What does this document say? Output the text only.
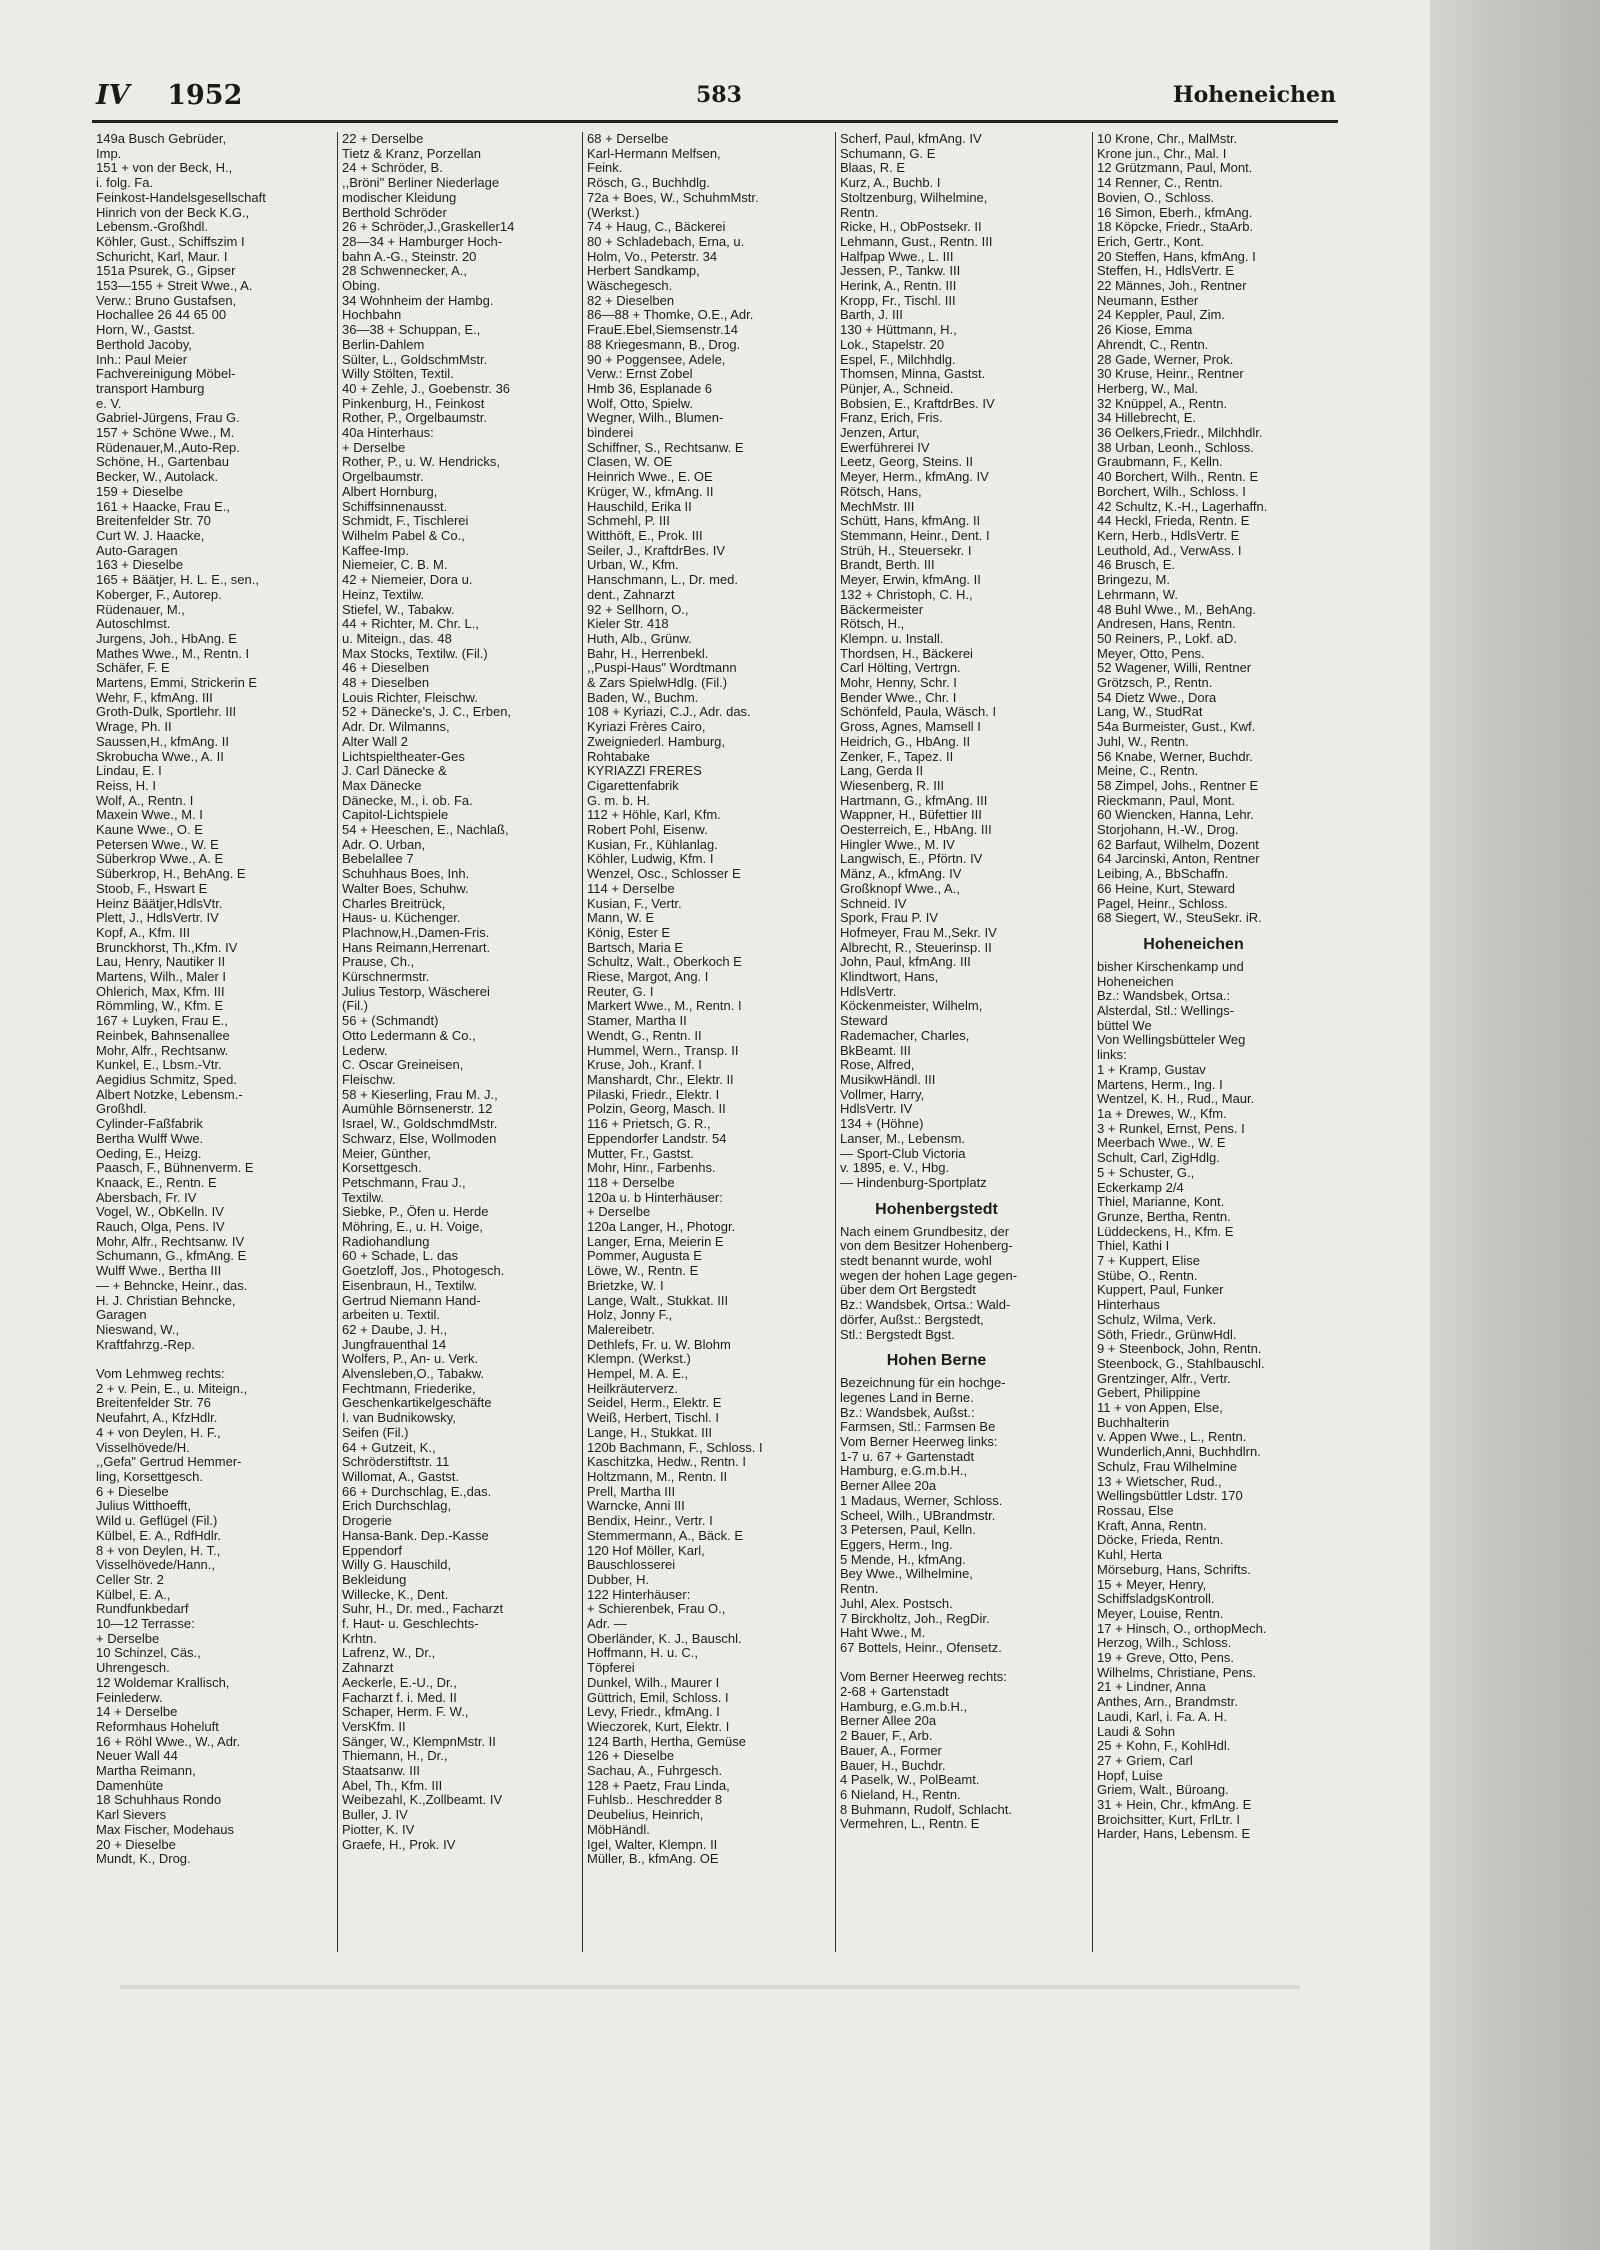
IV 1952	583	Hoheneichen
149a Busch Gebrüder,
Imp.
151 + von der Beck, H.,
i. folg. Fa.
Feinkost-Handelsgesellschaft
Hinrich von der Beck K.G.,
Lebensm.-Großhdl.
Köhler, Gust., Schiffszim I
Schuricht, Karl, Maur. I
151a Psurek, G., Gipser
153—155 + Streit Wwe., A.
Verw.: Bruno Gustafsen,
Hochallee 26 44 65 00
Horn, W., Gastst.
Berthold Jacoby,
Inh.: Paul Meier
Fachvereinigung Möbel-
transport Hamburg
e. V.
Gabriel-Jürgens, Frau G.
157 + Schöne Wwe., M.
Rüdenauer,M.,Auto-Rep.
Schöne, H., Gartenbau
Becker, W., Autolack.
159 + Dieselbe
161 + Haacke, Frau E.,
Breitenfelder Str. 70
Curt W. J. Haacke,
Auto-Garagen
163 + Dieselbe
165 + Bäätjer, H. L. E., sen.,
Koberger, F., Autorep.
Rüdenauer, M.,
Autoschlmst.
Jurgens, Joh., HbAng. E
Mathes Wwe., M., Rentn. I
Schäfer, F. E
Martens, Emmi, Strickerin E
Wehr, F., kfmAng. III
Groth-Dulk, Sportlehr. III
Wrage, Ph. II
Saussen,H., kfmAng. II
Skrobucha Wwe., A. II
Lindau, E. I
Reiss, H. I
Wolf, A., Rentn. I
Maxein Wwe., M. I
Kaune Wwe., O. E
Petersen Wwe., W. E
Süberkrop Wwe., A. E
Süberkrop, H., BehAng. E
Stoob, F., Hswart E
Heinz Bäätjer,HdlsVtr.
Plett, J., HdlsVertr. IV
Kopf, A., Kfm. III
Brunckhorst, Th.,Kfm. IV
Lau, Henry, Nautiker II
Martens, Wilh., Maler I
Ohlerich, Max, Kfm. III
Römmling, W., Kfm. E
167 + Luyken, Frau E.,
Reinbek, Bahnsenallee
Mohr, Alfr., Rechtsanw.
Kunkel, E., Lbsm.-Vtr.
Aegidius Schmitz, Sped.
Albert Notzke, Lebensm.-
Großhdl.
Cylinder-Faßfabrik
Bertha Wulff Wwe.
Oeding, E., Heizg.
Paasch, F., Bühnenverm. E
Knaack, E., Rentn. E
Abersbach, Fr. IV
Vogel, W., ObKelln. IV
Rauch, Olga, Pens. IV
Mohr, Alfr., Rechtsanw. IV
Schumann, G., kfmAng. E
Wulff Wwe., Bertha III
— + Behncke, Heinr., das.
H. J. Christian Behncke,
Garagen
Nieswand, W.,
Kraftfahrzg.-Rep.

Vom Lehmweg rechts:
2 + v. Pein, E., u. Miteign.,
Breitenfelder Str. 76
Neufahrt, A., KfzHdlr.
4 + von Deylen, H. F.,
Visselhövede/H.
,,Gefa" Gertrud Hemmer-
ling, Korsettgesch.
6 + Dieselbe
Julius Witthoefft,
Wild u. Geflügel (Fil.)
Külbel, E. A., RdfHdlr.
8 + von Deylen, H. T.,
Visselhövede/Hann.,
Celler Str. 2
Külbel, E. A.,
Rundfunkbedarf
10—12 Terrasse:
+ Derselbe
10 Schinzel, Cäs.,
Uhrengesch.
12 Woldemar Krallisch,
Feinlederw.
14 + Derselbe
Reformhaus Hoheluft
16 + Röhl Wwe., W., Adr.
Neuer Wall 44
Martha Reimann,
Damenhüte
18 Schuhhaus Rondo
Karl Sievers
Max Fischer, Modehaus
20 + Dieselbe
Mundt, K., Drog.
22 + Derselbe
Tietz & Kranz, Porzellan
24 + Schröder, B.
,,Bröni" Berliner Niederlage
modischer Kleidung
Berthold Schröder
26 + Schröder,J.,Graskeller14
28—34 + Hamburger Hoch-
bahn A.-G., Steinstr. 20
28 Schwennecker, A.,
Obing.
34 Wohnheim der Hambg.
Hochbahn
36—38 + Schuppan, E.,
Berlin-Dahlem
Sülter, L., GoldschmMstr.
Willy Stölten, Textil.
40 + Zehle, J., Goebenstr. 36
Pinkenburg, H., Feinkost
Rother, P., Orgelbaumstr.
40a Hinterhaus:
+ Derselbe
Rother, P., u. W. Hendricks,
Orgelbaumstr.
Albert Hornburg,
Schiffsinnenausst.
Schmidt, F., Tischlerei
Wilhelm Pabel & Co.,
Kaffee-Imp.
Niemeier, C. B. M.
42 + Niemeier, Dora u.
Heinz, Textilw.
Stiefel, W., Tabakw.
44 + Richter, M. Chr. L.,
u. Miteign., das. 48
Max Stocks, Textilw. (Fil.)
46 + Dieselben
48 + Dieselben
Louis Richter, Fleischw.
52 + Dänecke's, J. C., Erben,
Adr. Dr. Wilmanns,
Alter Wall 2
Lichtspieltheater-Ges
J. Carl Dänecke &
Max Dänecke
Dänecke, M., i. ob. Fa.
Capitol-Lichtspiele
54 + Heeschen, E., Nachlaß,
Adr. O. Urban,
Bebelallee 7
Schuhhaus Boes, Inh.
Walter Boes, Schuhw.
Charles Breitrück,
Haus- u. Küchenger.
Plachnow,H.,Damen-Fris.
Hans Reimann,Herrenart.
Prause, Ch.,
Kürschnermstr.
Julius Testorp, Wäscherei
(Fil.)
56 + (Schmandt)
Otto Ledermann & Co.,
Lederw.
C. Oscar Greineisen,
Fleischw.
58 + Kieserling, Frau M. J.,
Aumühle Börnsenerstr. 12
Israel, W., GoldschmdMstr.
Schwarz, Else, Wollmoden
Meier, Günther,
Korsettgesch.
Petschmann, Frau J.,
Textilw.
Siebke, P., Öfen u. Herde
Möhring, E., u. H. Voige,
Radiohandlung
60 + Schade, L. das
Goetzloff, Jos., Photogesch.
Eisenbraun, H., Textilw.
Gertrud Niemann Hand-
arbeiten u. Textil.
62 + Daube, J. H.,
Jungfrauenthal 14
Wolfers, P., An- u. Verk.
Alvensleben,O., Tabakw.
Fechtmann, Friederike,
Geschenkartikelgeschäfte
I. van Budnikowsky,
Seifen (Fil.)
64 + Gutzeit, K.,
Schröderstiftstr. 11
Willomat, A., Gastst.
66 + Durchschlag, E.,das.
Erich Durchschlag,
Drogerie
Hansa-Bank. Dep.-Kasse
Eppendorf
Willy G. Hauschild,
Bekleidung
Willecke, K., Dent.
Suhr, H., Dr. med., Facharzt
f. Haut- u. Geschlechts-
Krhtn.
Lafrenz, W., Dr.,
Zahnarzt
Aeckerle, E.-U., Dr.,
Facharzt f. i. Med. II
Schaper, Herm. F. W.,
VersKfm. II
Sänger, W., KlempnMstr. II
Thiemann, H., Dr.,
Staatsanw. III
Abel, Th., Kfm. III
Weibezahl, K.,Zollbeamt. IV
Buller, J. IV
Piotter, K. IV
Graefe, H., Prok. IV
68 + Derselbe
Karl-Hermann Melfsen,
Feink.
Rösch, G., Buchhdlg.
72a + Boes, W., SchuhmMstr.
(Werkst.)
74 + Haug, C., Bäckerei
80 + Schladebach, Erna, u.
Holm, Vo., Peterstr. 34
Herbert Sandkamp,
Wäschegesch.
82 + Dieselben
86—88 + Thomke, O.E., Adr.
FrauE.Ebel,Siemsenstr.14
88 Kriegesmann, B., Drog.
90 + Poggensee, Adele,
Verw.: Ernst Zobel
Hmb 36, Esplanade 6
Wolf, Otto, Spielw.
Wegner, Wilh., Blumen-
binderei
Schiffner, S., Rechtsanw. E
Clasen, W. OE
Heinrich Wwe., E. OE
Krüger, W., kfmAng. II
Hauschild, Erika II
Schmehl, P. III
Witthöft, E., Prok. III
Seiler, J., KraftdrBes. IV
Urban, W., Kfm.
Hanschmann, L., Dr. med.
dent., Zahnarzt
92 + Sellhorn, O.,
Kieler Str. 418
Huth, Alb., Grünw.
Bahr, H., Herrenbekl.
,,Puspi-Haus" Wordtmann
& Zars SpielwHdlg. (Fil.)
Baden, W., Buchm.
108 + Kyriazi, C.J., Adr. das.
Kyriazi Frères Cairo,
Zweigniederl. Hamburg,
Rohtabake
KYRIAZZI FRERES
Cigarettenfabrik
G. m. b. H.
112 + Höhle, Karl, Kfm.
Robert Pohl, Eisenw.
Kusian, Fr., Kühlanlag.
Köhler, Ludwig, Kfm. I
Wenzel, Osc., Schlosser E
114 + Derselbe
Kusian, F., Vertr.
Mann, W. E
König, Ester E
Bartsch, Maria E
Schultz, Walt., Oberkoch E
Riese, Margot, Ang. I
Reuter, G. I
Markert Wwe., M., Rentn. I
Stamer, Martha II
Wendt, G., Rentn. II
Hummel, Wern., Transp. II
Kruse, Joh., Kranf. I
Manshardt, Chr., Elektr. II
Pilaski, Friedr., Elektr. I
Polzin, Georg, Masch. II
116 + Prietsch, G. R.,
Eppendorfer Landstr. 54
Mutter, Fr., Gastst.
Mohr, Hinr., Farbenhs.
118 + Derselbe
120a u. b Hinterhäuser:
+ Derselbe
120a Langer, H., Photogr.
Langer, Erna, Meierin E
Pommer, Augusta E
Löwe, W., Rentn. E
Brietzke, W. I
Lange, Walt., Stukkat. III
Holz, Jonny F.,
Malereibetr.
Dethlefs, Fr. u. W. Blohm
Klempn. (Werkst.)
Hempel, M. A. E.,
Heilkräuterverz.
Seidel, Herm., Elektr. E
Weiß, Herbert, Tischl. I
Lange, H., Stukkat. III
120b Bachmann, F., Schloss. I
Kaschitzka, Hedw., Rentn. I
Holtzmann, M., Rentn. II
Prell, Martha III
Warncke, Anni III
Bendix, Heinr., Vertr. I
Stemmermann, A., Bäck. E
120 Hof Möller, Karl,
Bauschlosserei
Dubber, H.
122 Hinterhäuser:
+ Schierenbek, Frau O.,
Adr. —
Oberländer, K. J., Bauschl.
Hoffmann, H. u. C.,
Töpferei
Dunkel, Wilh., Maurer I
Güttrich, Emil, Schloss. I
Levy, Friedr., kfmAng. I
Wieczorek, Kurt, Elektr. I
124 Barth, Hertha, Gemüse
126 + Dieselbe
Sachau, A., Fuhrgesch.
128 + Paetz, Frau Linda,
Fuhlsb.. Heschredder 8
Deubelius, Heinrich,
MöbHändl.
Igel, Walter, Klempn. II
Müller, B., kfmAng. OE
Scherf, Paul, kfmAng. IV
Schumann, G. E
Blaas, R. E
Kurz, A., Buchb. I
Stoltzenburg, Wilhelmine,
Rentn.
Ricke, H., ObPostsekr. II
Lehmann, Gust., Rentn. III
Halfpap Wwe., L. III
Jessen, P., Tankw. III
Herink, A., Rentn. III
Kropp, Fr., Tischl. III
Barth, J. III
130 + Hüttmann, H.,
Lok., Stapelstr. 20
Espel, F., Milchhdlg.
Thomsen, Minna, Gastst.
Pünjer, A., Schneid.
Bobsien, E., KraftdrBes. IV
Franz, Erich, Fris.
Jenzen, Artur,
Ewerführerei IV
Leetz, Georg, Steins. II
Meyer, Herm., kfmAng. IV
Rötsch, Hans,
MechMstr. III
Schütt, Hans, kfmAng. II
Stemmann, Heinr., Dent. I
Strüh, H., Steuersekr. I
Brandt, Berth. III
Meyer, Erwin, kfmAng. II
132 + Christoph, C. H.,
Bäckermeister
Rötsch, H.,
Klempn. u. Install.
Thordsen, H., Bäckerei
Carl Hölting, Vertrgn.
Mohr, Henny, Schr. I
Bender Wwe., Chr. I
Schönfeld, Paula, Wäsch. I
Gross, Agnes, Mamsell I
Heidrich, G., HbAng. II
Zenker, F., Tapez. II
Lang, Gerda II
Wiesenberg, R. III
Hartmann, G., kfmAng. III
Wappner, H., Büfettier III
Oesterreich, E., HbAng. III
Hingler Wwe., M. IV
Langwisch, E., Pförtn. IV
Mänz, A., kfmAng. IV
Großknopf Wwe., A.,
Schneid. IV
Spork, Frau P. IV
Hofmeyer, Frau M.,Sekr. IV
Albrecht, R., Steuerinsp. II
John, Paul, kfmAng. III
Klindtwort, Hans,
HdlsVertr.
Köckenmeister, Wilhelm,
Steward
Rademacher, Charles,
BkBeamt. III
Rose, Alfred,
MusikwHändl. III
Vollmer, Harry,
HdlsVertr. IV
134 + (Höhne)
Lanser, M., Lebensm.
— Sport-Club Victoria
v. 1895, e. V., Hbg.
— Hindenburg-Sportplatz
Hohenbergstedt
Nach einem Grundbesitz, der
von dem Besitzer Hohenberg-
stedt benannt wurde, wohl
wegen der hohen Lage gegen-
über dem Ort Bergstedt
Bz.: Wandsbek, Ortsa.: Wald-
dörfer, Außst.: Bergstedt,
Stl.: Bergstedt Bgst.
Hohen Berne
Bezeichnung für ein hochge-
legenes Land in Berne.
Bz.: Wandsbek, Außst.:
Farmsen, Stl.: Farmsen Be
Vom Berner Heerweg links:
1-7 u. 67 + Gartenstadt
Hamburg, e.G.m.b.H.,
Berner Allee 20a
1 Madaus, Werner, Schloss.
Scheel, Wilh., UBrandmstr.
3 Petersen, Paul, Kelln.
Eggers, Herm., Ing.
5 Mende, H., kfmAng.
Bey Wwe., Wilhelmine,
Rentn.
Juhl, Alex. Postsch.
7 Birckholtz, Joh., RegDir.
Haht Wwe., M.
67 Bottels, Heinr., Ofensetz.

Vom Berner Heerweg rechts:
2-68 + Gartenstadt
Hamburg, e.G.m.b.H.,
Berner Allee 20a
2 Bauer, F., Arb.
Bauer, A., Former
Bauer, H., Buchdr.
4 Paselk, W., PolBeamt.
6 Nieland, H., Rentn.
8 Buhmann, Rudolf, Schlacht.
Vermehren, L., Rentn. E
10 Krone, Chr., MalMstr.
Krone jun., Chr., Mal. I
12 Grützmann, Paul, Mont.
14 Renner, C., Rentn.
Bovien, O., Schloss.
16 Simon, Eberh., kfmAng.
18 Köpcke, Friedr., StaArb.
Erich, Gertr., Kont.
20 Steffen, Hans, kfmAng. I
Steffen, H., HdlsVertr. E
22 Männes, Joh., Rentner
Neumann, Esther
24 Keppler, Paul, Zim.
26 Kiose, Emma
Ahrendt, C., Rentn.
28 Gade, Werner, Prok.
30 Kruse, Heinr., Rentner
Herberg, W., Mal.
32 Knüppel, A., Rentn.
34 Hillebrecht, E.
36 Oelkers,Friedr., Milchhdlr.
38 Urban, Leonh., Schloss.
Graubmann, F., Kelln.
40 Borchert, Wilh., Rentn. E
Borchert, Wilh., Schloss. I
42 Schultz, K.-H., Lagerhaffn.
44 Heckl, Frieda, Rentn. E
Kern, Herb., HdlsVertr. E
Leuthold, Ad., VerwAss. I
46 Brusch, E.
Bringezu, M.
Lehrmann, W.
48 Buhl Wwe., M., BehAng.
Andresen, Hans, Rentn.
50 Reiners, P., Lokf. aD.
Meyer, Otto, Pens.
52 Wagener, Willi, Rentner
Grötzsch, P., Rentn.
54 Dietz Wwe., Dora
Lang, W., StudRat
54a Burmeister, Gust., Kwf.
Juhl, W., Rentn.
56 Knabe, Werner, Buchdr.
Meine, C., Rentn.
58 Zimpel, Johs., Rentner E
Rieckmann, Paul, Mont.
60 Wiencken, Hanna, Lehr.
Storjohann, H.-W., Drog.
62 Barfaut, Wilhelm, Dozent
64 Jarcinski, Anton, Rentner
Leibing, A., BbSchaffn.
66 Heine, Kurt, Steward
Pagel, Heinr., Schloss.
68 Siegert, W., SteuSekr. iR.
Hoheneichen
bisher Kirschenkamp und
Hoheneichen
Bz.: Wandsbek, Ortsa.:
Alsterdal, Stl.: Wellings-
büttel We
Von Wellingsbütteler Weg
links:
1 + Kramp, Gustav
Martens, Herm., Ing. I
Wentzel, K. H., Rud., Maur.
1a + Drewes, W., Kfm.
3 + Runkel, Ernst, Pens. I
Meerbach Wwe., W. E
Schult, Carl, ZigHdlg.
5 + Schuster, G.,
Eckerkamp 2/4
Thiel, Marianne, Kont.
Grunze, Bertha, Rentn.
Lüddeckens, H., Kfm. E
Thiel, Kathi I
7 + Kuppert, Elise
Stübe, O., Rentn.
Kuppert, Paul, Funker
Hinterhaus
Schulz, Wilma, Verk.
Söth, Friedr., GrünwHdl.
9 + Steenbock, John, Rentn.
Steenbock, G., Stahlbauschl.
Grentzinger, Alfr., Vertr.
Gebert, Philippine
11 + von Appen, Else,
Buchhalterin
v. Appen Wwe., L., Rentn.
Wunderlich,Anni, Buchhdlrn.
Schulz, Frau Wilhelmine
13 + Wietscher, Rud.,
Wellingsbüttler Ldstr. 170
Rossau, Else
Kraft, Anna, Rentn.
Döcke, Frieda, Rentn.
Kuhl, Herta
Mörseburg, Hans, Schrifts.
15 + Meyer, Henry,
SchiffsladgsKontroll.
Meyer, Louise, Rentn.
17 + Hinsch, O., orthopMech.
Herzog, Wilh., Schloss.
19 + Greve, Otto, Pens.
Wilhelms, Christiane, Pens.
21 + Lindner, Anna
Anthes, Arn., Brandmstr.
Laudi, Karl, i. Fa. A. H.
Laudi & Sohn
25 + Kohn, F., KohlHdl.
27 + Griem, Carl
Hopf, Luise
Griem, Walt., Büroang.
31 + Hein, Chr., kfmAng. E
Broichsitter, Kurt, FrlLtr. I
Harder, Hans, Lebensm. E
